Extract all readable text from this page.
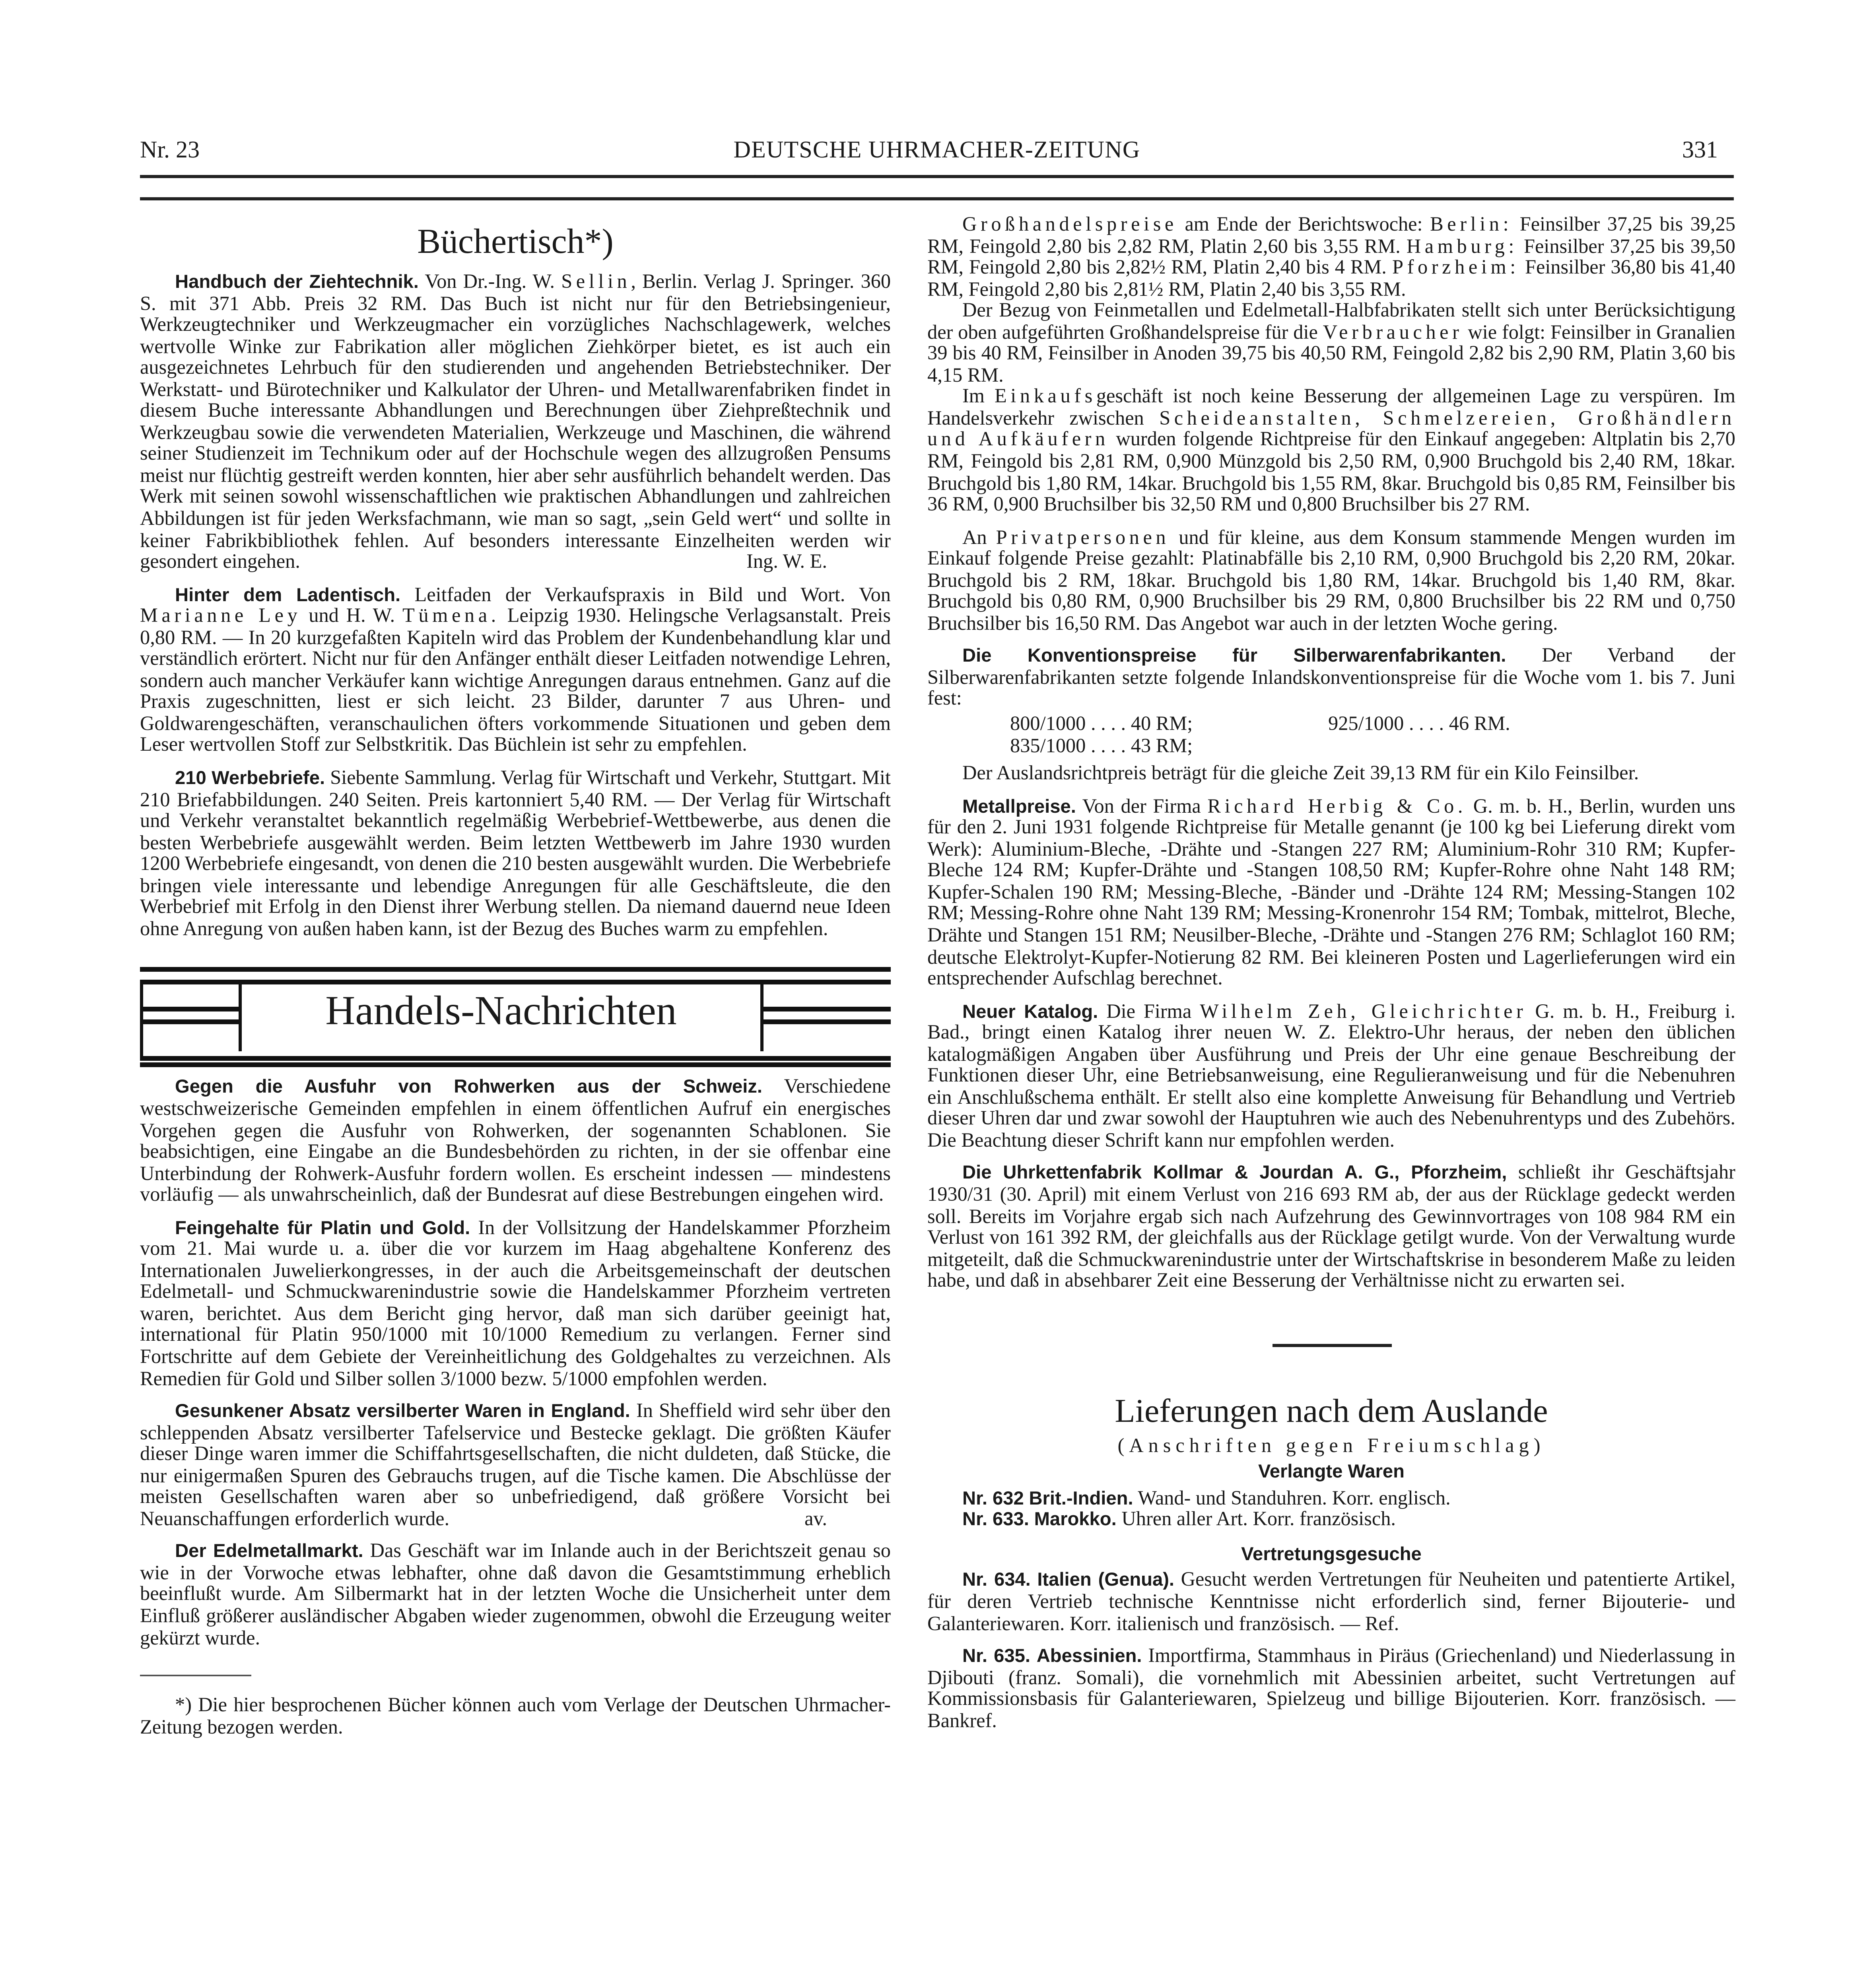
Nr. 23	DEUTSCHE UHRMACHER-ZEITUNG	331
Büchertisch*)

Handbuch der Ziehtechnik. Von Dr.-Ing. W. Sellin, Berlin. Verlag J. Springer. 360 S. mit 371 Abb. Preis 32 RM. Das Buch ist nicht nur für den Betriebsingenieur, Werkzeugtechniker und Werkzeugmacher ein vorzügliches Nachschlagewerk, welches wertvolle Winke zur Fabrikation aller möglichen Ziehkörper bietet, es ist auch ein ausgezeichnetes Lehrbuch für den studierenden und angehenden Betriebstechniker. Der Werkstatt- und Bürotechniker und Kalkulator der Uhren- und Metallwarenfabriken findet in diesem Buche interessante Abhandlungen und Berechnungen über Ziehpreßtechnik und Werkzeugbau sowie die verwendeten Materialien, Werkzeuge und Maschinen, die während seiner Studienzeit im Technikum oder auf der Hochschule wegen des allzugroßen Pensums meist nur flüchtig gestreift werden konnten, hier aber sehr ausführlich behandelt werden. Das Werk mit seinen sowohl wissenschaftlichen wie praktischen Abhandlungen und zahlreichen Abbildungen ist für jeden Werksfachmann, wie man so sagt, „sein Geld wert“ und sollte in keiner Fabrikbibliothek fehlen. Auf besonders interessante Einzelheiten werden wir gesondert eingehen.	Ing. W. E.

Hinter dem Ladentisch.	Leitfaden der Verkaufspraxis in Bild und Wort. Von Marianne Ley und H. W. Tümena. Leipzig 1930. Helingsche Verlagsanstalt. Preis 0,80 RM. — In 20 kurzgefaßten Kapiteln wird das Problem der Kundenbehandlung klar und verständlich erörtert. Nicht nur für den Anfänger enthält dieser Leitfaden notwendige Lehren, sondern auch mancher Verkäufer kann wichtige Anregungen daraus entnehmen. Ganz auf die Praxis zugeschnitten, liest er sich leicht. 23 Bilder, darunter 7 aus Uhren- und Goldwarengeschäften, veranschaulichen öfters vorkommende Situationen und geben dem Leser wertvollen Stoff zur Selbstkritik. Das Büchlein ist sehr zu empfehlen.

210 Werbebriefe. Siebente Sammlung. Verlag für Wirtschaft und Verkehr, Stuttgart. Mit 210 Briefabbildungen. 240 Seiten. Preis kartonniert 5,40 RM. — Der Verlag für Wirtschaft und Verkehr veranstaltet bekanntlich regelmäßig Werbebrief-Wettbewerbe, aus denen die besten Werbebriefe ausgewählt werden. Beim letzten Wettbewerb im Jahre 1930 wurden 1200 Werbebriefe eingesandt, von denen die 210 besten ausgewählt wurden. Die Werbebriefe bringen viele interessante und lebendige Anregungen für alle Geschäftsleute, die den Werbebrief mit Erfolg in den Dienst ihrer Werbung stellen. Da niemand dauernd neue Ideen ohne Anregung von außen haben kann, ist der Bezug des Buches warm zu empfehlen.

Handels-Nachrichten

Gegen die Ausfuhr von Rohwerken aus der Schweiz.	Verschiedene westschweizerische Gemeinden empfehlen in einem öffentlichen Aufruf ein energisches Vorgehen gegen die Ausfuhr von Rohwerken, der sogenannten Schablonen. Sie beabsichtigen, eine Eingabe an die Bundesbehörden zu richten, in der sie offenbar eine Unterbindung der Rohwerk-Ausfuhr fordern wollen. Es erscheint indessen — mindestens vorläufig — als unwahrscheinlich, daß der Bundesrat auf diese Bestrebungen eingehen wird.

Feingehalte für Platin und Gold. In der Vollsitzung der Handelskammer Pforzheim vom 21. Mai wurde u. a. über die vor kurzem im Haag abgehaltene Konferenz des Internationalen Juwelierkongresses, in der auch die Arbeitsgemeinschaft der deutschen Edelmetall- und Schmuckwarenindustrie sowie die Handelskammer Pforzheim vertreten waren, berichtet. Aus dem Bericht ging hervor, daß man sich darüber geeinigt hat, international für Platin 950/1000 mit 10/1000 Remedium zu verlangen. Ferner sind Fortschritte auf dem Gebiete der Vereinheitlichung des Goldgehaltes zu verzeichnen. Als Remedien für Gold und Silber sollen 3/1000 bezw. 5/1000 empfohlen werden.

Gesunkener Absatz versilberter Waren in England. In Sheffield wird sehr über den schleppenden Absatz versilberter Tafelservice und Bestecke geklagt. Die größten Käufer dieser Dinge waren immer die Schiffahrtsgesellschaften, die nicht duldeten, daß Stücke, die nur einigermaßen Spuren des Gebrauchs trugen, auf die Tische kamen. Die Abschlüsse der meisten Gesellschaften waren aber so unbefriedigend, daß größere Vorsicht bei Neuanschaffungen erforderlich wurde.	av.

Der Edelmetallmarkt. Das Geschäft war im Inlande auch in der Berichtszeit genau so wie in der Vorwoche etwas lebhafter, ohne daß davon die Gesamtstimmung erheblich beeinflußt wurde. Am Silbermarkt hat in der letzten Woche die Unsicherheit unter dem Einfluß größerer ausländischer Abgaben wieder zugenommen, obwohl die Erzeugung weiter gekürzt wurde.

*) Die hier besprochenen Bücher können auch vom Verlage der Deutschen Uhrmacher-Zeitung bezogen werden.

Großhandelspreise am Ende der Berichtswoche: Berlin: Feinsilber 37,25 bis 39,25 RM, Feingold 2,80 bis 2,82 RM, Platin 2,60 bis 3,55 RM. Hamburg: Feinsilber 37,25 bis 39,50 RM, Feingold 2,80 bis 2,82½ RM, Platin 2,40 bis 4 RM. Pforzheim: Feinsilber 36,80 bis 41,40 RM, Feingold 2,80 bis 2,81½ RM, Platin 2,40 bis 3,55 RM.

Der Bezug von Feinmetallen und Edelmetall-Halbfabrikaten stellt sich unter Berücksichtigung der oben aufgeführten Großhandelspreise für die Verbraucher wie folgt: Feinsilber in Granalien 39 bis 40 RM, Feinsilber in Anoden 39,75 bis 40,50 RM, Feingold 2,82 bis 2,90 RM, Platin 3,60 bis 4,15 RM.

Im Einkaufsgeschäft ist noch keine Besserung der allgemeinen Lage zu verspüren. Im Handelsverkehr zwischen	Scheideanstalten, Schmelzereien, Großhändlern und Aufkäufern wurden folgende Richtpreise für den Einkauf angegeben: Altplatin bis 2,70 RM, Feingold bis 2,81 RM, 0,900 Münzgold bis 2,50 RM, 0,900 Bruchgold bis 2,40 RM, 18kar. Bruchgold bis 1,80 RM, 14kar. Bruchgold bis 1,55 RM, 8kar. Bruchgold bis 0,85 RM, Feinsilber bis 36 RM, 0,900 Bruchsilber bis 32,50 RM und 0,800 Bruchsilber bis 27 RM.

An Privatpersonen und für kleine, aus dem Konsum stammende Mengen wurden im Einkauf folgende Preise gezahlt: Platinabfälle bis 2,10 RM, 0,900 Bruchgold bis 2,20 RM, 20kar. Bruchgold bis 2 RM, 18kar. Bruchgold bis 1,80 RM, 14kar. Bruchgold bis 1,40 RM, 8kar. Bruchgold bis 0,80 RM, 0,900 Bruchsilber bis 29 RM, 0,800 Bruchsilber bis 22 RM und 0,750 Bruchsilber bis 16,50 RM. Das Angebot war auch in der letzten Woche gering.

Die Konventionspreise für Silberwarenfabrikanten.	Der Verband der Silberwarenfabrikanten setzte folgende Inlandskonventionspreise für die Woche vom 1. bis 7. Juni fest:

800/1000 . . . . 40 RM;	925/1000 . . . . 46 RM.
835/1000 . . . . 43 RM;

Der Auslandsrichtpreis beträgt für die gleiche Zeit 39,13 RM für ein Kilo Feinsilber.

Metallpreise. Von der Firma Richard Herbig & Co. G. m. b. H., Berlin, wurden uns für den 2. Juni 1931 folgende Richtpreise für Metalle genannt (je 100 kg bei Lieferung direkt vom Werk): Aluminium-Bleche, -Drähte und -Stangen 227 RM; Aluminium-Rohr 310 RM; Kupfer-Bleche 124 RM; Kupfer-Drähte und -Stangen 108,50 RM; Kupfer-Rohre ohne Naht 148 RM; Kupfer-Schalen 190 RM; Messing-Bleche, -Bänder und -Drähte 124 RM; Messing-Stangen 102 RM; Messing-Rohre ohne Naht 139 RM; Messing-Kronenrohr 154 RM; Tombak, mittelrot, Bleche, Drähte und Stangen 151 RM; Neusilber-Bleche, -Drähte und -Stangen 276 RM; Schlaglot 160 RM; deutsche Elektrolyt-Kupfer-Notierung 82 RM. Bei kleineren Posten und Lagerlieferungen wird ein entsprechender Aufschlag berechnet.

Neuer Katalog. Die Firma Wilhelm Zeh, Gleichrichter G. m. b. H., Freiburg i. Bad., bringt einen Katalog ihrer neuen W. Z. Elektro-Uhr heraus, der neben den üblichen katalogmäßigen Angaben über Ausführung und Preis der Uhr eine genaue Beschreibung der Funktionen dieser Uhr, eine Betriebsanweisung, eine Regulieranweisung und für die Nebenuhren ein Anschlußschema enthält. Er stellt also eine komplette Anweisung für Behandlung und Vertrieb dieser Uhren dar und zwar sowohl der Hauptuhren wie auch des Nebenuhrentyps und des Zubehörs. Die Beachtung dieser Schrift kann nur empfohlen werden.

Die Uhrkettenfabrik Kollmar & Jourdan A. G., Pforzheim, schließt ihr Geschäftsjahr 1930/31 (30. April) mit einem Verlust von 216 693 RM ab, der aus der Rücklage gedeckt werden soll. Bereits im Vorjahre ergab sich nach Aufzehrung des Gewinnvortrages von 108 984 RM ein Verlust von 161 392 RM, der gleichfalls aus der Rücklage getilgt wurde. Von der Verwaltung wurde mitgeteilt, daß die Schmuckwarenindustrie unter der Wirtschaftskrise in besonderem Maße zu leiden habe, und daß in absehbarer Zeit eine Besserung der Verhältnisse nicht zu erwarten sei.

Lieferungen nach dem Auslande
(Anschriften gegen Freiumschlag)
Verlangte Waren

Nr. 632 Brit.-Indien. Wand- und Standuhren. Korr. englisch.

Nr. 633. Marokko. Uhren aller Art. Korr. französisch.

Vertretungsgesuche

Nr. 634. Italien (Genua). Gesucht werden Vertretungen für Neuheiten und patentierte Artikel, für deren Vertrieb technische Kenntnisse nicht erforderlich sind, ferner Bijouterie- und Galanteriewaren. Korr. italienisch und französisch. — Ref.

Nr. 635. Abessinien. Importfirma, Stammhaus in Piräus (Griechenland) und Niederlassung in Djibouti (franz. Somali), die vornehmlich mit Abessinien arbeitet, sucht Vertretungen auf Kommissionsbasis für Galanteriewaren, Spielzeug und billige Bijouterien. Korr. französisch. — Bankref.
